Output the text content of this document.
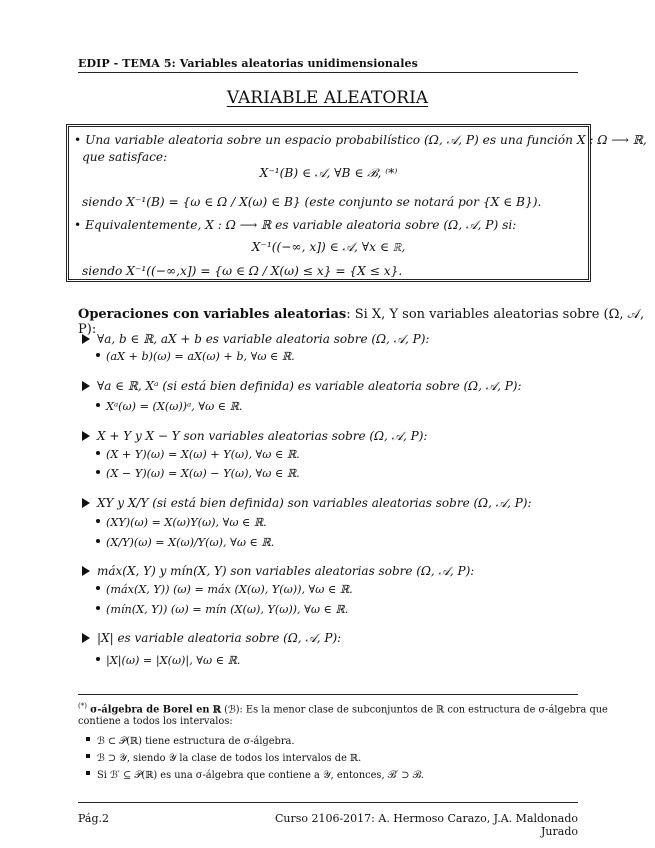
EDIP - TEMA 5: Variables aleatorias unidimensionales
VARIABLE ALEATORIA
• Una variable aleatoria sobre un espacio probabilístico (Ω, 𝒜, P) es una función X : Ω ⟶ ℝ,
que satisface:
X⁻¹(B) ∈ 𝒜, ∀B ∈ ℬ, ⁽*⁾
siendo X⁻¹(B) = {ω ∈ Ω / X(ω) ∈ B} (este conjunto se notará por {X ∈ B}).
• Equivalentemente, X : Ω ⟶ ℝ es variable aleatoria sobre (Ω, 𝒜, P) si:
X⁻¹((−∞, x]) ∈ 𝒜, ∀x ∈ ℝ,
siendo X⁻¹((−∞,x]) = {ω ∈ Ω / X(ω) ≤ x} = {X ≤ x}.
Operaciones con variables aleatorias: Si X, Y son variables aleatorias sobre (Ω, 𝒜, P):
∀a, b ∈ ℝ, aX + b es variable aleatoria sobre (Ω, 𝒜, P):
(aX + b)(ω) = aX(ω) + b, ∀ω ∈ ℝ.
∀a ∈ ℝ, Xᵃ (si está bien definida) es variable aleatoria sobre (Ω, 𝒜, P):
Xᵃ(ω) = (X(ω))ᵃ, ∀ω ∈ ℝ.
X + Y y X − Y son variables aleatorias sobre (Ω, 𝒜, P):
(X + Y)(ω) = X(ω) + Y(ω), ∀ω ∈ ℝ.
(X − Y)(ω) = X(ω) − Y(ω), ∀ω ∈ ℝ.
XY y X/Y (si está bien definida) son variables aleatorias sobre (Ω, 𝒜, P):
(XY)(ω) = X(ω)Y(ω), ∀ω ∈ ℝ.
(X/Y)(ω) = X(ω)/Y(ω), ∀ω ∈ ℝ.
máx(X, Y) y mín(X, Y) son variables aleatorias sobre (Ω, 𝒜, P):
(máx(X, Y)) (ω) = máx (X(ω), Y(ω)), ∀ω ∈ ℝ.
(mín(X, Y)) (ω) = mín (X(ω), Y(ω)), ∀ω ∈ ℝ.
|X| es variable aleatoria sobre (Ω, 𝒜, P):
|X|(ω) = |X(ω)|, ∀ω ∈ ℝ.
(*) σ-álgebra de Borel en ℝ (ℬ): Es la menor clase de subconjuntos de ℝ con estructura de σ-álgebra que
contiene a todos los intervalos:
ℬ ⊂ 𝒫(ℝ) tiene estructura de σ-álgebra.
ℬ ⊃ 𝒴, siendo 𝒴 la clase de todos los intervalos de ℝ.
Si ℬ′ ⊆ 𝒫(ℝ) es una σ-álgebra que contiene a 𝒴, entonces, ℬ′ ⊃ ℬ.
Pág.2	Curso 2106-2017: A. Hermoso Carazo, J.A. Maldonado Jurado
